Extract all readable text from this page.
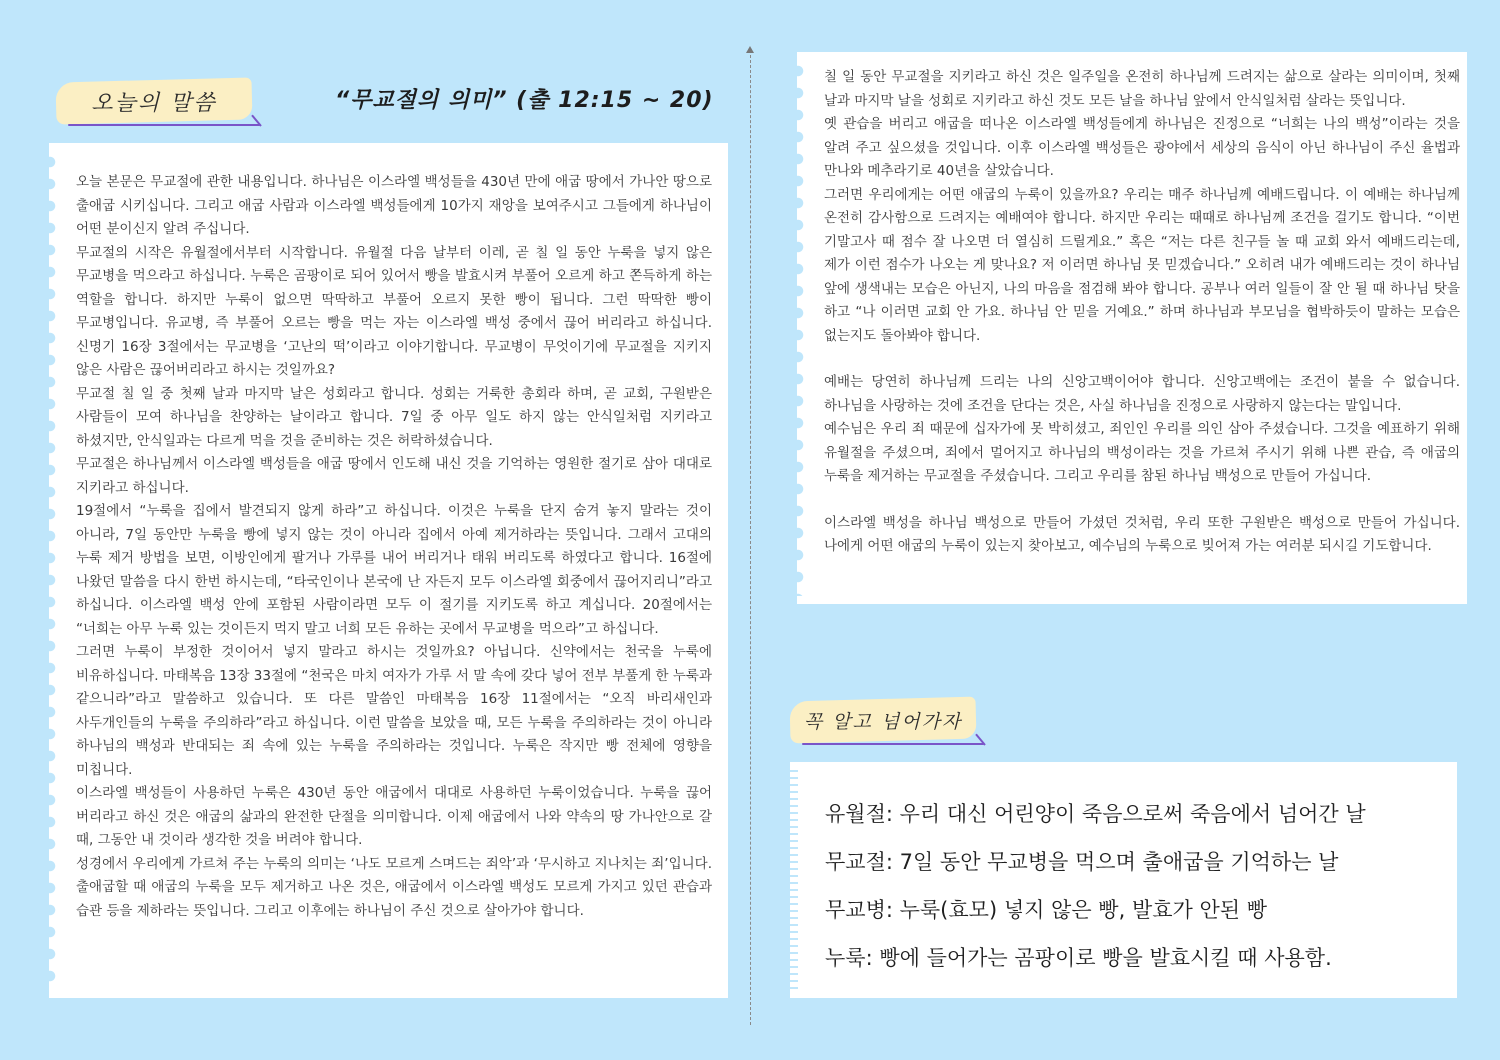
오늘의 말씀	“무교절의 의미” (출 12:15 ~ 20)

오늘 본문은 무교절에 관한 내용입니다. 하나님은 이스라엘 백성들을 430년 만에 애굽 땅에서 가나안 땅으로 출애굽 시키십니다. 그리고 애굽 사람과 이스라엘 백성들에게 10가지 재앙을 보여주시고 그들에게 하나님이 어떤 분이신지 알려 주십니다.

무교절의 시작은 유월절에서부터 시작합니다. 유월절 다음 날부터 이레, 곧 칠 일 동안 누룩을 넣지 않은 무교병을 먹으라고 하십니다. 누룩은 곰팡이로 되어 있어서 빵을 발효시켜 부풀어 오르게 하고 쫀득하게 하는 역할을 합니다. 하지만 누룩이 없으면 딱딱하고 부풀어 오르지 못한 빵이 됩니다. 그런 딱딱한 빵이 무교병입니다. 유교병, 즉 부풀어 오르는 빵을 먹는 자는 이스라엘 백성 중에서 끊어 버리라고 하십니다. 신명기 16장 3절에서는 무교병을 ‘고난의 떡’이라고 이야기합니다. 무교병이 무엇이기에 무교절을 지키지 않은 사람은 끊어버리라고 하시는 것일까요?

무교절 칠 일 중 첫째 날과 마지막 날은 성회라고 합니다. 성회는 거룩한 총회라 하며, 곧 교회, 구원받은 사람들이 모여 하나님을 찬양하는 날이라고 합니다. 7일 중 아무 일도 하지 않는 안식일처럼 지키라고 하셨지만, 안식일과는 다르게 먹을 것을 준비하는 것은 허락하셨습니다.

무교절은 하나님께서 이스라엘 백성들을 애굽 땅에서 인도해 내신 것을 기억하는 영원한 절기로 삼아 대대로 지키라고 하십니다.

19절에서 “누룩을 집에서 발견되지 않게 하라”고 하십니다. 이것은 누룩을 단지 숨겨 놓지 말라는 것이 아니라, 7일 동안만 누룩을 빵에 넣지 않는 것이 아니라 집에서 아예 제거하라는 뜻입니다. 그래서 고대의 누룩 제거 방법을 보면, 이방인에게 팔거나 가루를 내어 버리거나 태워 버리도록 하였다고 합니다. 16절에 나왔던 말씀을 다시 한번 하시는데, “타국인이나 본국에 난 자든지 모두 이스라엘 회중에서 끊어지리니”라고 하십니다. 이스라엘 백성 안에 포함된 사람이라면 모두 이 절기를 지키도록 하고 계십니다. 20절에서는 “너희는 아무 누룩 있는 것이든지 먹지 말고 너희 모든 유하는 곳에서 무교병을 먹으라”고 하십니다.

그러면 누룩이 부정한 것이어서 넣지 말라고 하시는 것일까요? 아닙니다. 신약에서는 천국을 누룩에 비유하십니다. 마태복음 13장 33절에 “천국은 마치 여자가 가루 서 말 속에 갖다 넣어 전부 부풀게 한 누룩과 같으니라”라고 말씀하고 있습니다. 또 다른 말씀인 마태복음 16장 11절에서는 “오직 바리새인과 사두개인들의 누룩을 주의하라”라고 하십니다. 이런 말씀을 보았을 때, 모든 누룩을 주의하라는 것이 아니라 하나님의 백성과 반대되는 죄 속에 있는 누룩을 주의하라는 것입니다. 누룩은 작지만 빵 전체에 영향을 미칩니다.

이스라엘 백성들이 사용하던 누룩은 430년 동안 애굽에서 대대로 사용하던 누룩이었습니다. 누룩을 끊어 버리라고 하신 것은 애굽의 삶과의 완전한 단절을 의미합니다. 이제 애굽에서 나와 약속의 땅 가나안으로 갈 때, 그동안 내 것이라 생각한 것을 버려야 합니다.

성경에서 우리에게 가르쳐 주는 누룩의 의미는 ‘나도 모르게 스며드는 죄악’과 ‘무시하고 지나치는 죄’입니다. 출애굽할 때 애굽의 누룩을 모두 제거하고 나온 것은, 애굽에서 이스라엘 백성도 모르게 가지고 있던 관습과 습관 등을 제하라는 뜻입니다. 그리고 이후에는 하나님이 주신 것으로 살아가야 합니다.

칠 일 동안 무교절을 지키라고 하신 것은 일주일을 온전히 하나님께 드려지는 삶으로 살라는 의미이며, 첫째 날과 마지막 날을 성회로 지키라고 하신 것도 모든 날을 하나님 앞에서 안식일처럼 살라는 뜻입니다.

옛 관습을 버리고 애굽을 떠나온 이스라엘 백성들에게 하나님은 진정으로 “너희는 나의 백성”이라는 것을 알려 주고 싶으셨을 것입니다. 이후 이스라엘 백성들은 광야에서 세상의 음식이 아닌 하나님이 주신 율법과 만나와 메추라기로 40년을 살았습니다.

그러면 우리에게는 어떤 애굽의 누룩이 있을까요? 우리는 매주 하나님께 예배드립니다. 이 예배는 하나님께 온전히 감사함으로 드려지는 예배여야 합니다. 하지만 우리는 때때로 하나님께 조건을 걸기도 합니다. “이번 기말고사 때 점수 잘 나오면 더 열심히 드릴게요.” 혹은 “저는 다른 친구들 놀 때 교회 와서 예배드리는데, 제가 이런 점수가 나오는 게 맞나요? 저 이러면 하나님 못 믿겠습니다.” 오히려 내가 예배드리는 것이 하나님 앞에 생색내는 모습은 아닌지, 나의 마음을 점검해 봐야 합니다. 공부나 여러 일들이 잘 안 될 때 하나님 탓을 하고 “나 이러면 교회 안 가요. 하나님 안 믿을 거예요.” 하며 하나님과 부모님을 협박하듯이 말하는 모습은 없는지도 돌아봐야 합니다.

예배는 당연히 하나님께 드리는 나의 신앙고백이어야 합니다. 신앙고백에는 조건이 붙을 수 없습니다. 하나님을 사랑하는 것에 조건을 단다는 것은, 사실 하나님을 진정으로 사랑하지 않는다는 말입니다.

예수님은 우리 죄 때문에 십자가에 못 박히셨고, 죄인인 우리를 의인 삼아 주셨습니다. 그것을 예표하기 위해 유월절을 주셨으며, 죄에서 멀어지고 하나님의 백성이라는 것을 가르쳐 주시기 위해 나쁜 관습, 즉 애굽의 누룩을 제거하는 무교절을 주셨습니다. 그리고 우리를 참된 하나님 백성으로 만들어 가십니다.

이스라엘 백성을 하나님 백성으로 만들어 가셨던 것처럼, 우리 또한 구원받은 백성으로 만들어 가십니다. 나에게 어떤 애굽의 누룩이 있는지 찾아보고, 예수님의 누룩으로 빚어져 가는 여러분 되시길 기도합니다.

꼭 알고 넘어가자
유월절: 우리 대신 어린양이 죽음으로써 죽음에서 넘어간 날
무교절: 7일 동안 무교병을 먹으며 출애굽을 기억하는 날
무교병: 누룩(효모) 넣지 않은 빵, 발효가 안된 빵
누룩: 빵에 들어가는 곰팡이로 빵을 발효시킬 때 사용함.
